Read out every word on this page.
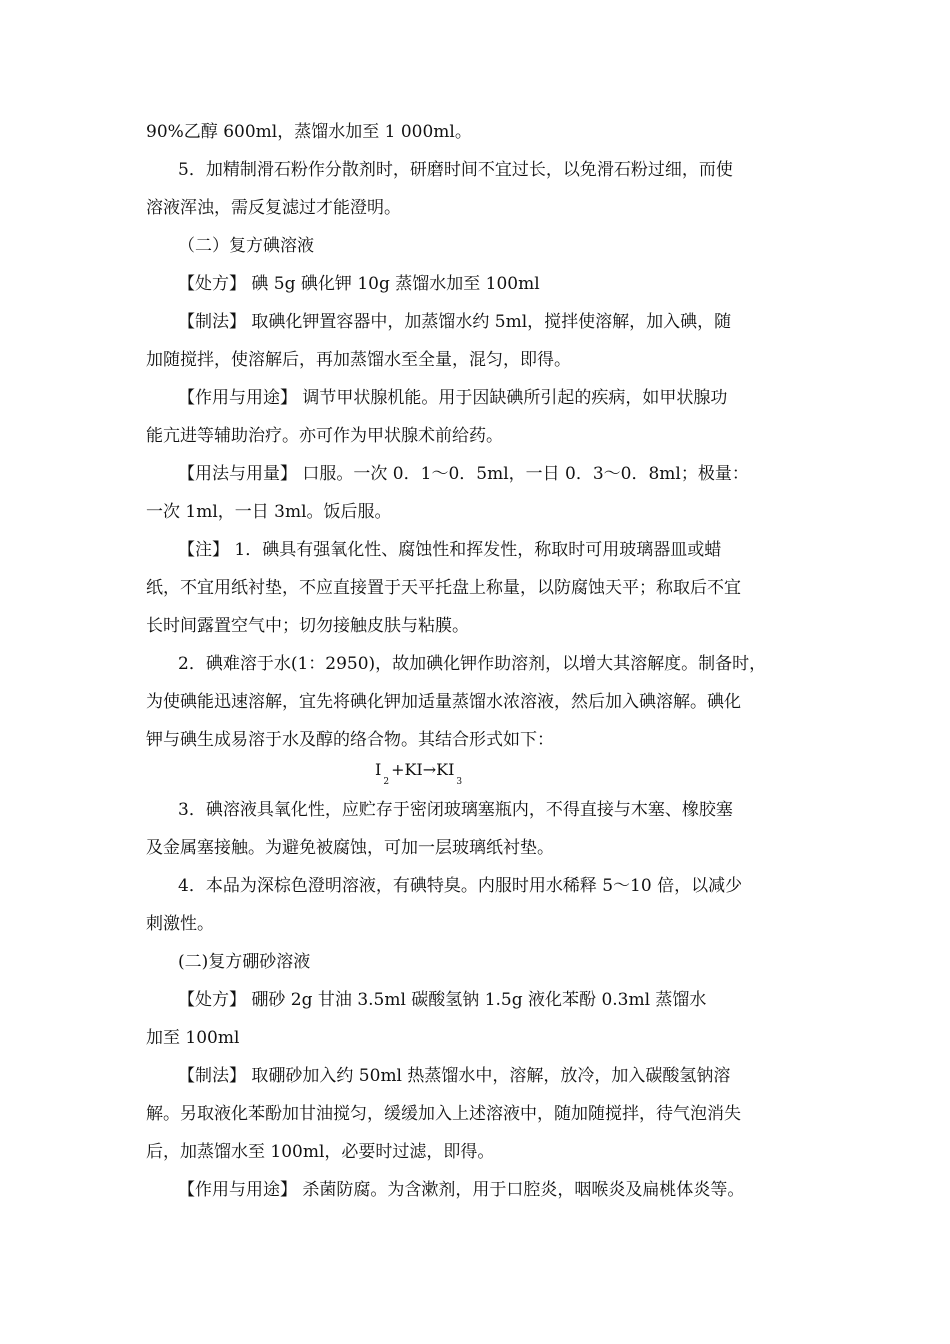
90%乙醇 600ml，蒸馏水加至 1 000ml。
5．加精制滑石粉作分散剂时，研磨时间不宜过长，以免滑石粉过细，而使
溶液浑浊，需反复滤过才能澄明。
（二）复方碘溶液
【处方】 碘 5g 碘化钾 10g 蒸馏水加至 100ml
【制法】 取碘化钾置容器中，加蒸馏水约 5ml，搅拌使溶解，加入碘，随
加随搅拌，使溶解后，再加蒸馏水至全量，混匀，即得。
【作用与用途】 调节甲状腺机能。用于因缺碘所引起的疾病，如甲状腺功
能亢进等辅助治疗。亦可作为甲状腺术前给药。
【用法与用量】 口服。一次 0．1～0．5ml，一日 0．3～0．8ml；极量：
一次 1ml，一日 3ml。饭后服。
【注】 1．碘具有强氧化性、腐蚀性和挥发性，称取时可用玻璃器皿或蜡
纸，不宜用纸衬垫，不应直接置于天平托盘上称量，以防腐蚀天平；称取后不宜
长时间露置空气中；切勿接触皮肤与粘膜。
2．碘难溶于水(1：2950)，故加碘化钾作助溶剂，以增大其溶解度。制备时，
为使碘能迅速溶解，宜先将碘化钾加适量蒸馏水浓溶液，然后加入碘溶解。碘化
钾与碘生成易溶于水及醇的络合物。其结合形式如下：
$I_2+KI\to KI_3$
3．碘溶液具氧化性，应贮存于密闭玻璃塞瓶内，不得直接与木塞、橡胶塞
及金属塞接触。为避免被腐蚀，可加一层玻璃纸衬垫。
4．本品为深棕色澄明溶液，有碘特臭。内服时用水稀释 5～10 倍，以减少
刺激性。
(二)复方硼砂溶液
【处方】 硼砂 2g 甘油 3.5ml 碳酸氢钠 1.5g 液化苯酚 0.3ml 蒸馏水
加至 100ml
【制法】 取硼砂加入约 50ml 热蒸馏水中，溶解，放冷，加入碳酸氢钠溶
解。另取液化苯酚加甘油搅匀，缓缓加入上述溶液中，随加随搅拌，待气泡消失
后，加蒸馏水至 100ml，必要时过滤，即得。
【作用与用途】 杀菌防腐。为含漱剂，用于口腔炎，咽喉炎及扁桃体炎等。
